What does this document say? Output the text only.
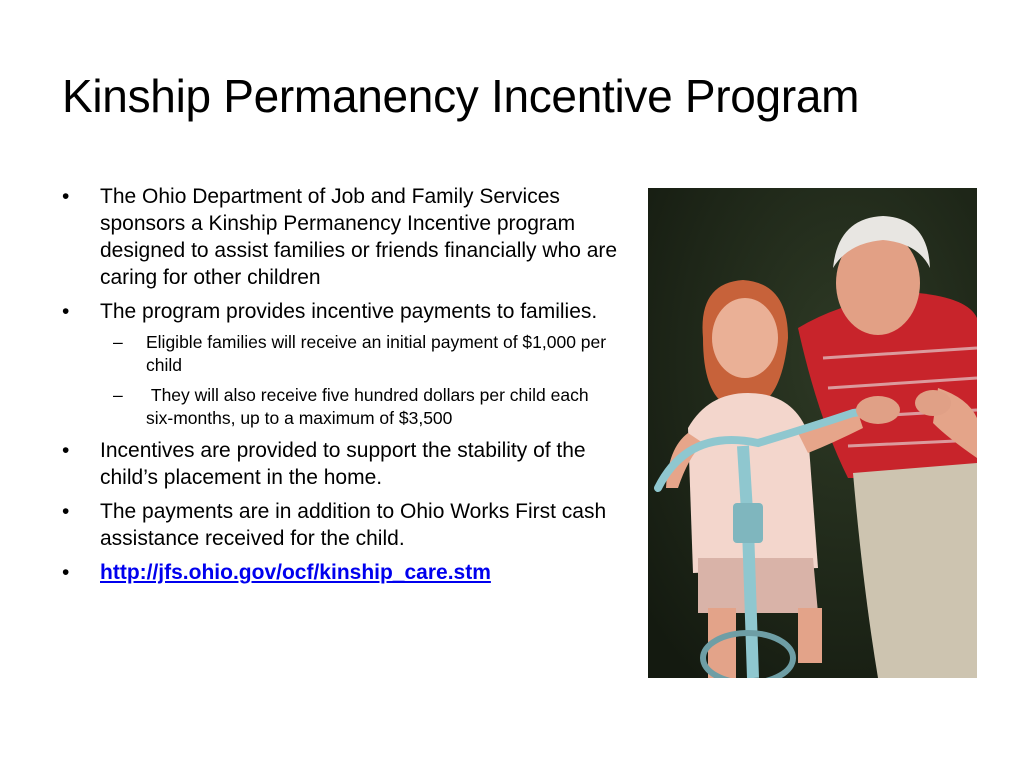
Kinship Permanency Incentive Program
• The Ohio Department of Job and Family Services sponsors a Kinship Permanency Incentive program designed to assist families or friends financially who are caring for other children
• The program provides incentive payments to families.
– Eligible families will receive an initial payment of $1,000 per child
– They will also receive five hundred dollars per child each six-months, up to a maximum of $3,500
• Incentives are provided to support the stability of the child’s placement in the home.
• The payments are in addition to Ohio Works First cash assistance received for the child.
• http://jfs.ohio.gov/ocf/kinship_care.stm
